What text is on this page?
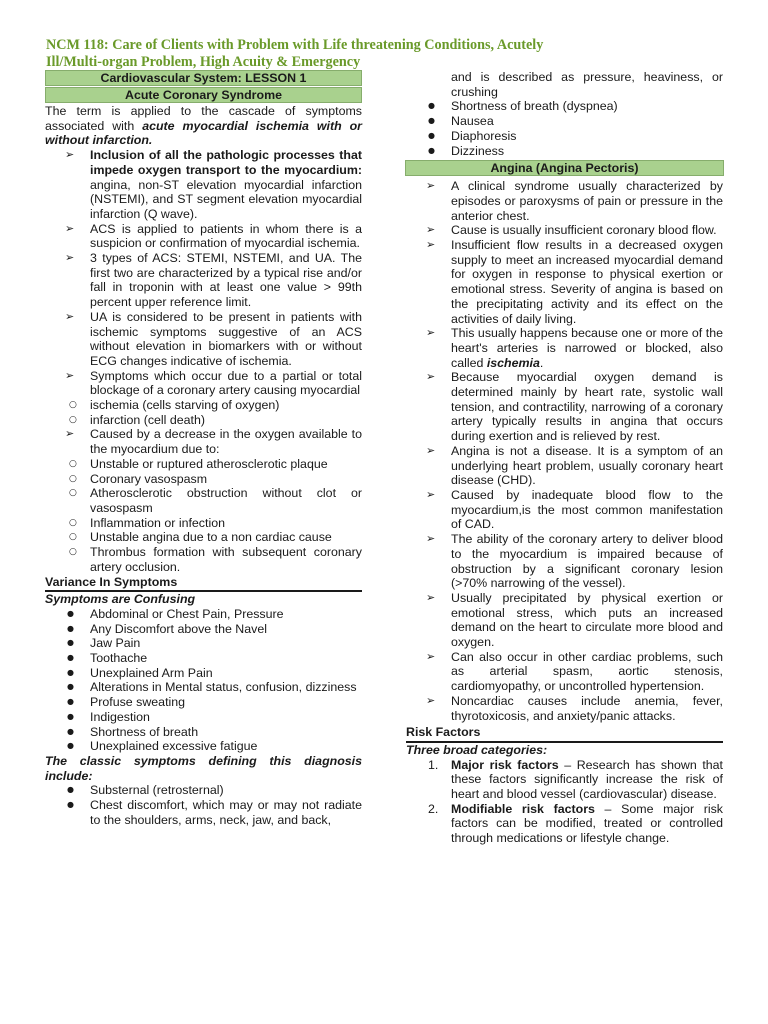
NCM 118: Care of Clients with Problem with Life threatening Conditions, Acutely
Ill/Multi-organ Problem, High Acuity & Emergency
Cardiovascular System: LESSON 1
Acute Coronary Syndrome
The term is applied to the cascade of symptoms associated with acute myocardial ischemia with or without infarction.
➢ Inclusion of all the pathologic processes that impede oxygen transport to the myocardium: angina, non-ST elevation myocardial infarction (NSTEMI), and ST segment elevation myocardial infarction (Q wave).
➢ ACS is applied to patients in whom there is a suspicion or confirmation of myocardial ischemia.
➢ 3 types of ACS: STEMI, NSTEMI, and UA. The first two are characterized by a typical rise and/or fall in troponin with at least one value > 99th percent upper reference limit.
➢ UA is considered to be present in patients with ischemic symptoms suggestive of an ACS without elevation in biomarkers with or without ECG changes indicative of ischemia.
➢ Symptoms which occur due to a partial or total blockage of a coronary artery causing myocardial
○ ischemia (cells starving of oxygen)
○ infarction (cell death)
➢ Caused by a decrease in the oxygen available to the myocardium due to:
○ Unstable or ruptured atherosclerotic plaque
○ Coronary vasospasm
○ Atherosclerotic obstruction without clot or vasospasm
○ Inflammation or infection
○ Unstable angina due to a non cardiac cause
○ Thrombus formation with subsequent coronary artery occlusion.
Variance In Symptoms
Symptoms are Confusing
● Abdominal or Chest Pain, Pressure
● Any Discomfort above the Navel
● Jaw Pain
● Toothache
● Unexplained Arm Pain
● Alterations in Mental status, confusion, dizziness
● Profuse sweating
● Indigestion
● Shortness of breath
● Unexplained excessive fatigue
The classic symptoms defining this diagnosis include:
● Substernal (retrosternal)
● Chest discomfort, which may or may not radiate to the shoulders, arms, neck, jaw, and back,
and is described as pressure, heaviness, or crushing
● Shortness of breath (dyspnea)
● Nausea
● Diaphoresis
● Dizziness
Angina (Angina Pectoris)
➢ A clinical syndrome usually characterized by episodes or paroxysms of pain or pressure in the anterior chest.
➢ Cause is usually insufficient coronary blood flow.
➢ Insufficient flow results in a decreased oxygen supply to meet an increased myocardial demand for oxygen in response to physical exertion or emotional stress. Severity of angina is based on the precipitating activity and its effect on the activities of daily living.
➢ This usually happens because one or more of the heart's arteries is narrowed or blocked, also called ischemia.
➢ Because myocardial oxygen demand is determined mainly by heart rate, systolic wall tension, and contractility, narrowing of a coronary artery typically results in angina that occurs during exertion and is relieved by rest.
➢ Angina is not a disease. It is a symptom of an underlying heart problem, usually coronary heart disease (CHD).
➢ Caused by inadequate blood flow to the myocardium,is the most common manifestation of CAD.
➢ The ability of the coronary artery to deliver blood to the myocardium is impaired because of obstruction by a significant coronary lesion (>70% narrowing of the vessel).
➢ Usually precipitated by physical exertion or emotional stress, which puts an increased demand on the heart to circulate more blood and oxygen.
➢ Can also occur in other cardiac problems, such as arterial spasm, aortic stenosis, cardiomyopathy, or uncontrolled hypertension.
➢ Noncardiac causes include anemia, fever, thyrotoxicosis, and anxiety/panic attacks.
Risk Factors
Three broad categories:
1. Major risk factors – Research has shown that these factors significantly increase the risk of heart and blood vessel (cardiovascular) disease.
2. Modifiable risk factors – Some major risk factors can be modified, treated or controlled through medications or lifestyle change.
